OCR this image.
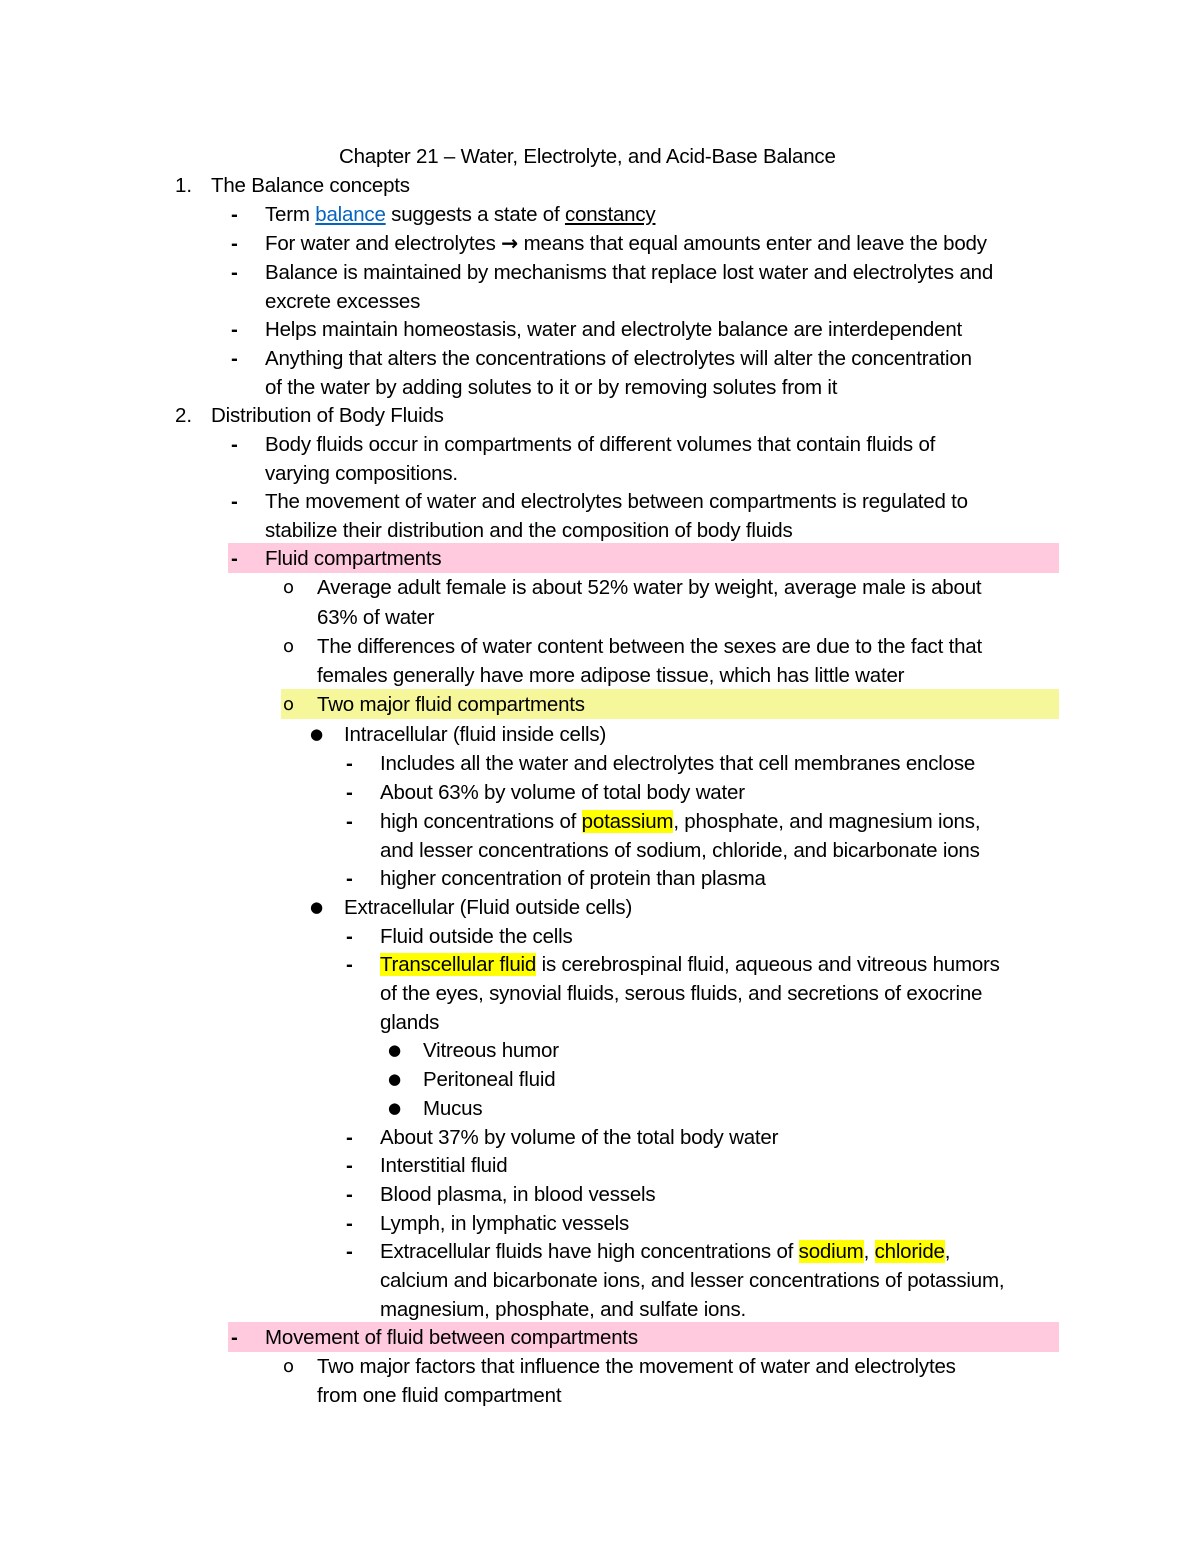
Chapter 21 – Water, Electrolyte, and Acid-Base Balance
1. The Balance concepts
- Term balance suggests a state of constancy
- For water and electrolytes → means that equal amounts enter and leave the body
- Balance is maintained by mechanisms that replace lost water and electrolytes and
excrete excesses
- Helps maintain homeostasis, water and electrolyte balance are interdependent
- Anything that alters the concentrations of electrolytes will alter the concentration
of the water by adding solutes to it or by removing solutes from it
2. Distribution of Body Fluids
- Body fluids occur in compartments of different volumes that contain fluids of
varying compositions.
- The movement of water and electrolytes between compartments is regulated to
stabilize their distribution and the composition of body fluids
- Fluid compartments
o Average adult female is about 52% water by weight, average male is about
63% of water
o The differences of water content between the sexes are due to the fact that
females generally have more adipose tissue, which has little water
o Two major fluid compartments
● Intracellular (fluid inside cells)
- Includes all the water and electrolytes that cell membranes enclose
- About 63% by volume of total body water
- high concentrations of potassium, phosphate, and magnesium ions,
and lesser concentrations of sodium, chloride, and bicarbonate ions
- higher concentration of protein than plasma
● Extracellular (Fluid outside cells)
- Fluid outside the cells
- Transcellular fluid is cerebrospinal fluid, aqueous and vitreous humors
of the eyes, synovial fluids, serous fluids, and secretions of exocrine
glands
● Vitreous humor
● Peritoneal fluid
● Mucus
- About 37% by volume of the total body water
- Interstitial fluid
- Blood plasma, in blood vessels
- Lymph, in lymphatic vessels
- Extracellular fluids have high concentrations of sodium, chloride,
calcium and bicarbonate ions, and lesser concentrations of potassium,
magnesium, phosphate, and sulfate ions.
- Movement of fluid between compartments
o Two major factors that influence the movement of water and electrolytes
from one fluid compartment
